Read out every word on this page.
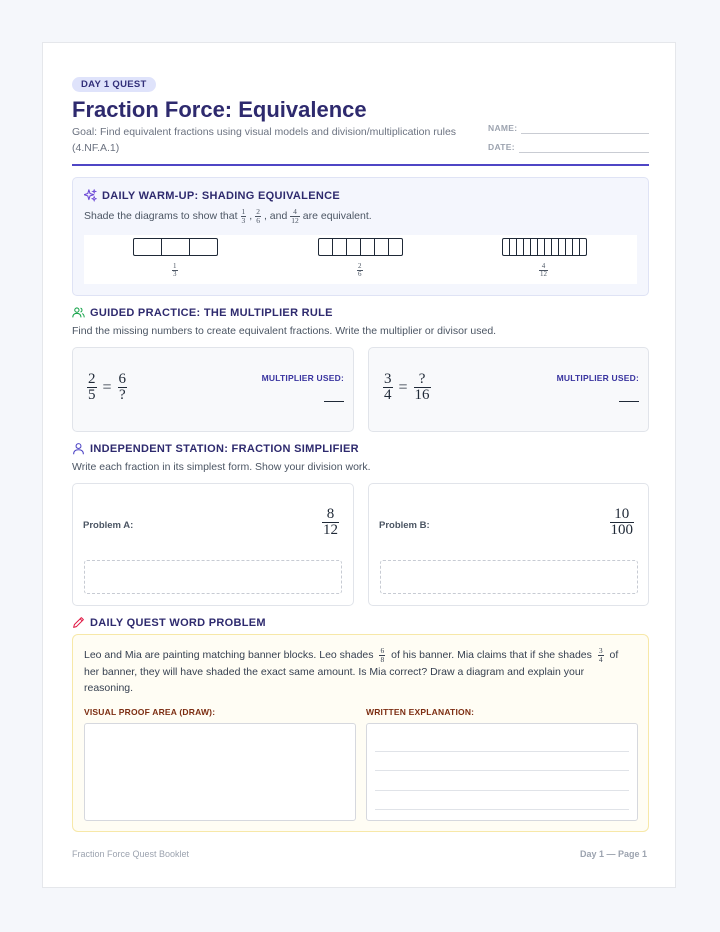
DAY 1 QUEST
Fraction Force: Equivalence
Goal: Find equivalent fractions using visual models and division/multiplication rules (4.NF.A.1)
NAME:
DATE:
DAILY WARM-UP: SHADING EQUIVALENCE
Shade the diagrams to show that $\frac{1}{3}$ , $\frac{2}{6}$ , and $\frac{4}{12}$ are equivalent.
$\frac{1}{3}$	$\frac{2}{6}$	$\frac{4}{12}$
GUIDED PRACTICE: THE MULTIPLIER RULE
Find the missing numbers to create equivalent fractions. Write the multiplier or divisor used.
$\frac{2}{5} = \frac{6}{?}$	MULTIPLIER USED:	$\frac{3}{4} = \frac{?}{16}$	MULTIPLIER USED:
INDEPENDENT STATION: FRACTION SIMPLIFIER
Write each fraction in its simplest form. Show your division work.
Problem A:	$\frac{8}{12}$	Problem B:	$\frac{10}{100}$
DAILY QUEST WORD PROBLEM
Leo and Mia are painting matching banner blocks. Leo shades $\frac{6}{8}$ of his banner. Mia claims that if she shades $\frac{3}{4}$ of her banner, they will have shaded the exact same amount. Is Mia correct? Draw a diagram and explain your reasoning.
VISUAL PROOF AREA (DRAW):	WRITTEN EXPLANATION:
Fraction Force Quest Booklet	Day 1 — Page 1
